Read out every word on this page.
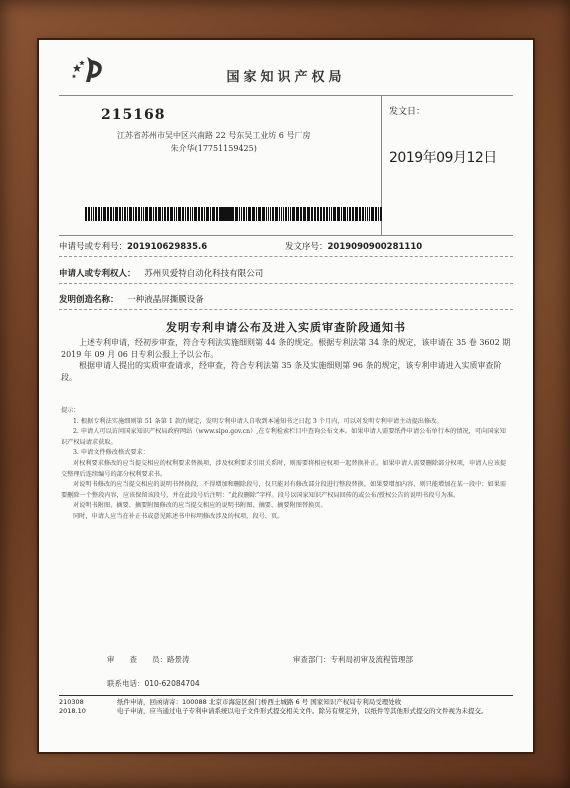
国家知识产权局
215168
江苏省苏州市吴中区兴南路 22 号东吴工业坊 6 号厂房
朱介华(17751159425)
发文日：
2019年09月12日
申请号或专利号：201910629835.6	发文序号：2019090900281110
申请人或专利权人： 苏州贝爱特自动化科技有限公司
发明创造名称： 一种液晶屏撕膜设备
发明专利申请公布及进入实质审查阶段通知书
上述专利申请，经初步审查，符合专利法实施细则第 44 条的规定。根据专利法第 34 条的规定，该申请在 35 卷 3602 期 2019 年 09 月 06 日专利公报上予以公布。
根据申请人提出的实质审查请求，经审查，符合专利法第 35 条及实施细则第 96 条的规定，该专利申请进入实质审查阶段。
提示：
1. 根据专利法实施细则第 51 条第 1 款的规定，发明专利申请人自收到本通知书之日起 3 个月内，可以对发明专利申请主动提出修改。
2. 申请人可以访问国家知识产权局政府网站（www.sipo.gov.cn）,在专利检索栏目中查询公布文本。如果申请人需要纸件申请公布单行本的情况，可向国家知识产权局请求获取。
3. 申请文件修改格式要求：
对权利要求修改的应当提交相应的权利要求替换项，涉及权利要求引用关系时，则需要将相应权项一起替换补正。如果申请人需要删除部分权项，申请人应该提交整理后连续编号的部分权利要求书。
对说明书修改的应当提交相应的说明书替换段，不得增加和删除段号，仅只能对有修改部分段进行整段替换。如果要增加内容，则只能增加在某一段中；如果需要删除一个整段内容，应该保留该段号，并在此段号后注明：“此段删除”字样。段号以国家知识产权局回传的或公布/授权公告的说明书段号为准。
对说明书附图、摘要、摘要附图修改的应当提交相应的说明书附图、摘要、摘要附图替换页。
同时，申请人应当在补正书或意见陈述书中标明修改涉及的权项、段号、页。
审　　查　　员：路景涛	审查部门：专利局初审及流程管理部
联系电话：010-62084704
210308
2018.10
纸件申请，回函请寄：100088 北京市海淀区蓟门桥西土城路 6 号 国家知识产权局专利局受理处收
电子申请，应当通过电子专利申请系统以电子文件形式提交相关文件。除另有规定外，以纸件等其他形式提交的文件视为未提交。
